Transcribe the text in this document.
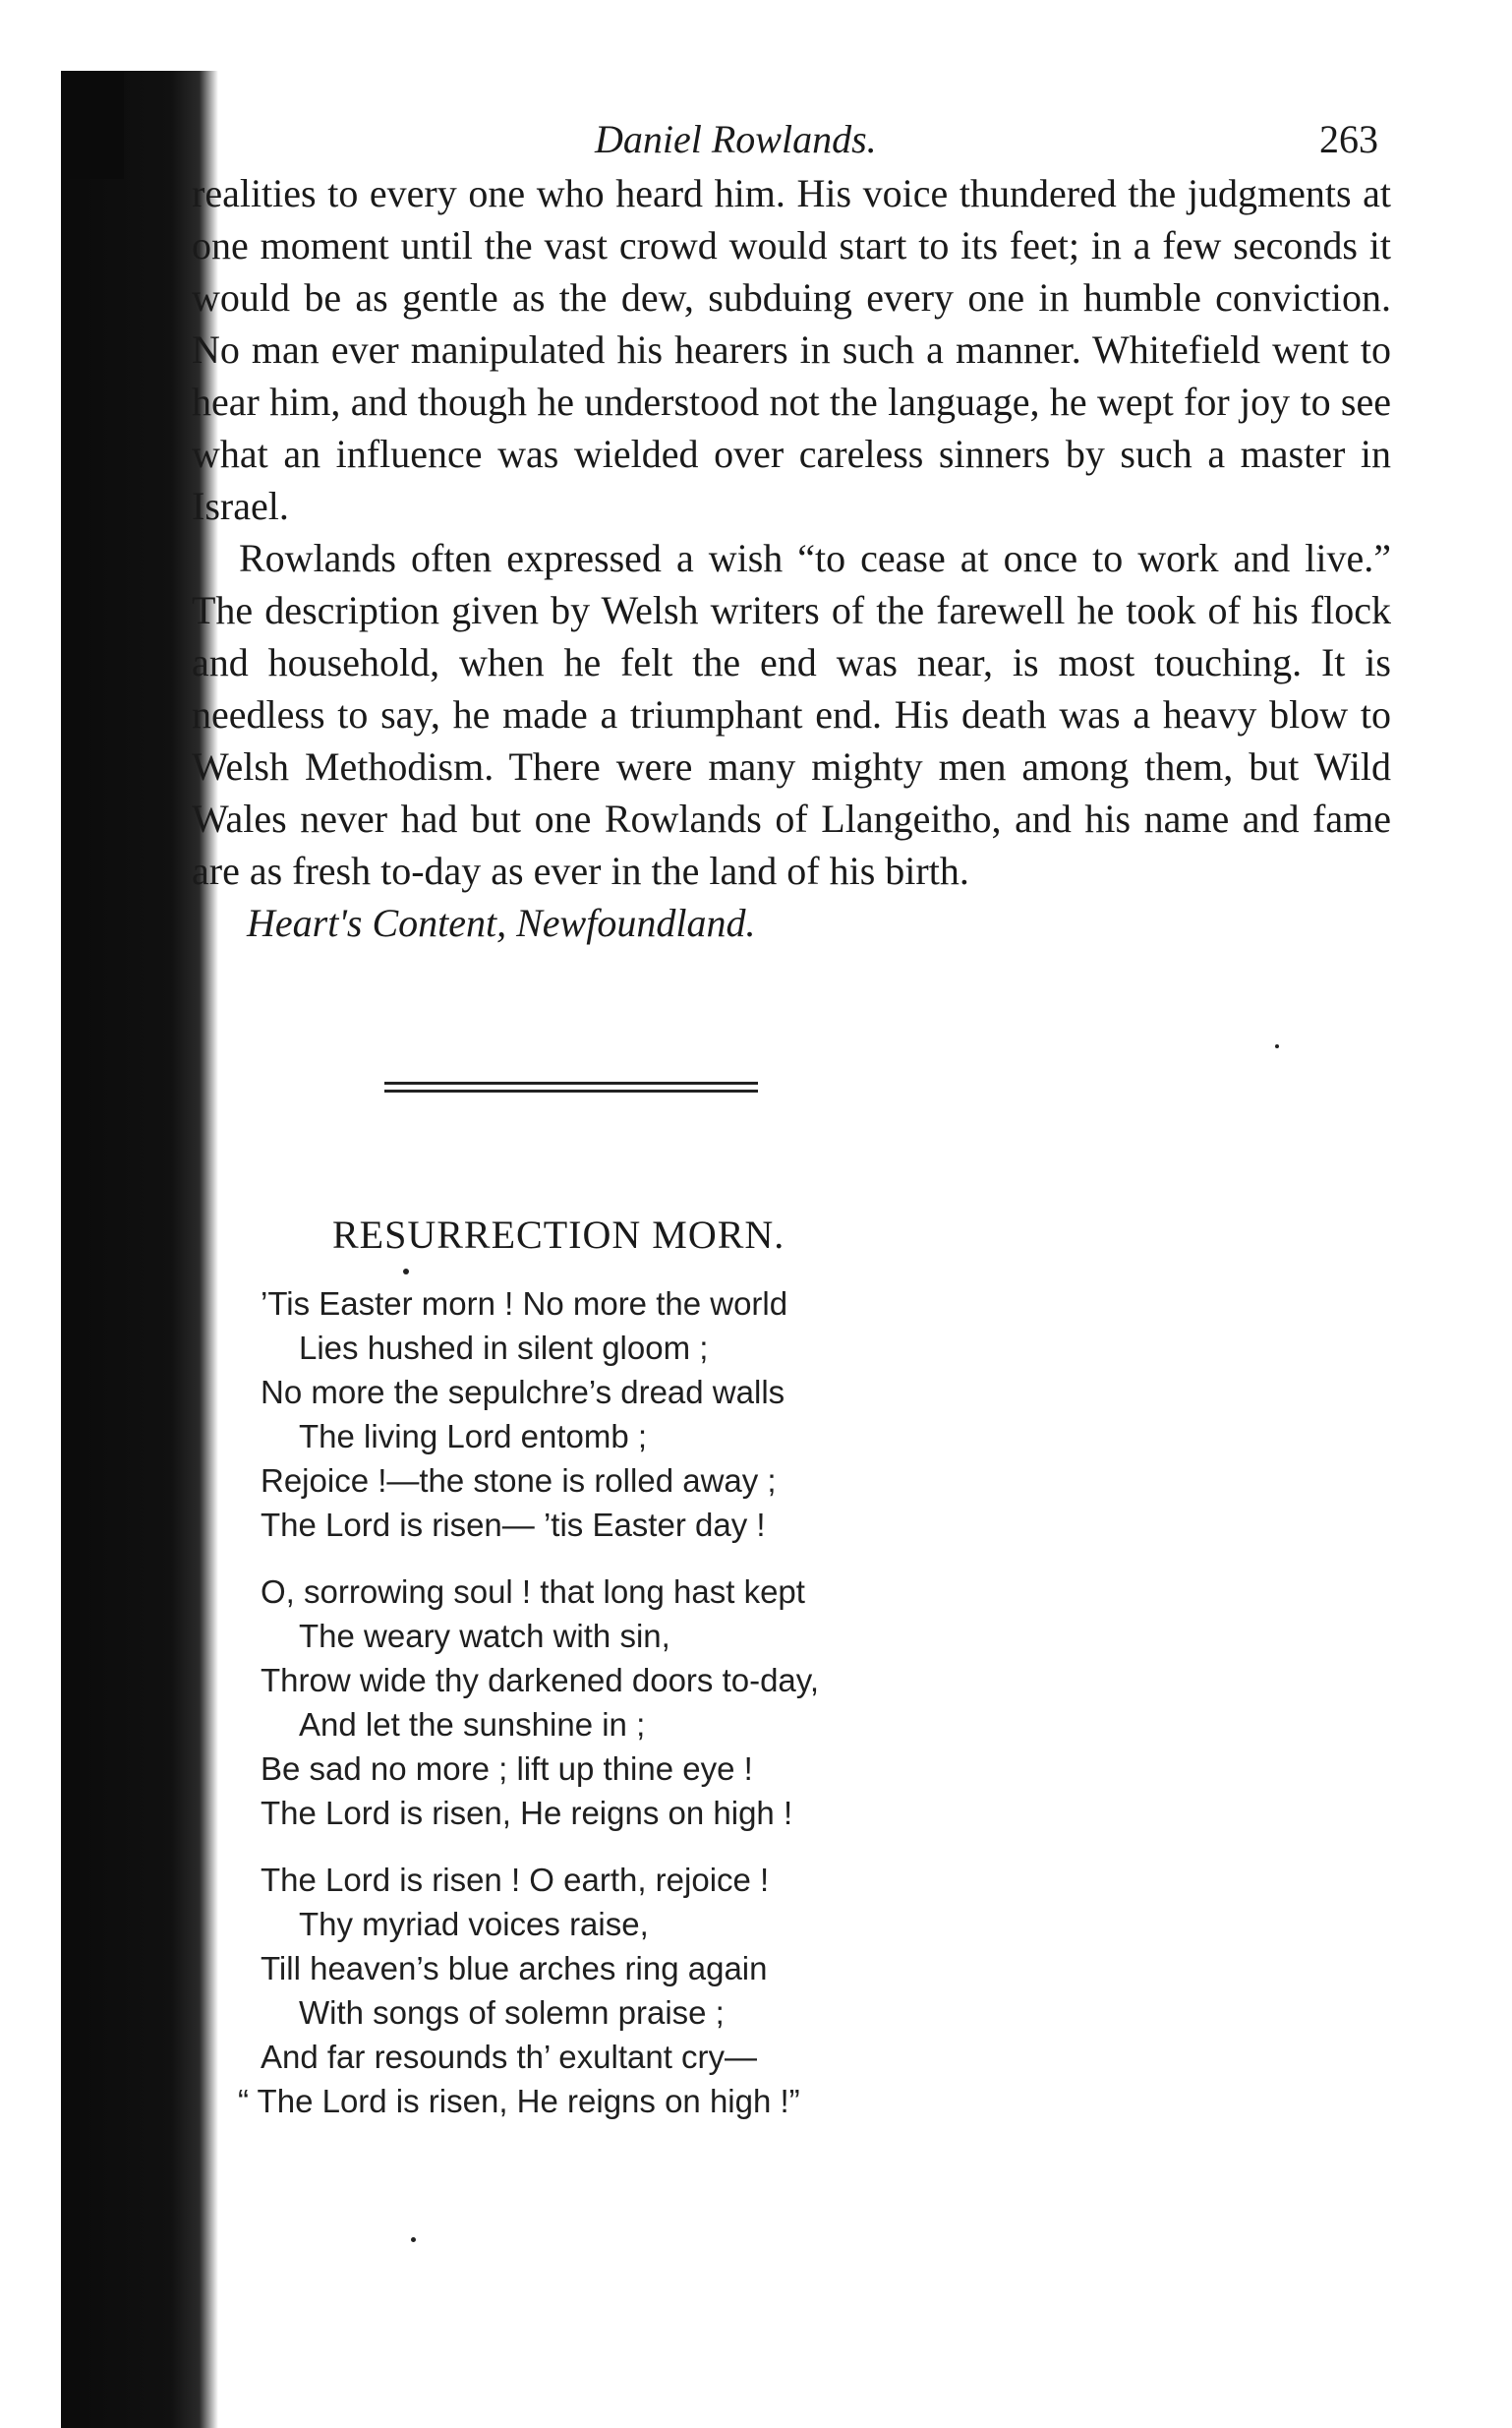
Daniel Rowlands.	263

realities to every one who heard him. His voice thundered the judgments at one moment until the vast crowd would start to its feet; in a few seconds it would be as gentle as the dew, subduing every one in humble conviction. No man ever manipulated his hearers in such a manner. Whitefield went to hear him, and though he understood not the language, he wept for joy to see what an influence was wielded over careless sinners by such a master in Israel.

Rowlands often expressed a wish “to cease at once to work and live.” The description given by Welsh writers of the farewell he took of his flock and household, when he felt the end was near, is most touching. It is needless to say, he made a triumphant end. His death was a heavy blow to Welsh Methodism. There were many mighty men among them, but Wild Wales never had but one Rowlands of Llangeitho, and his name and fame are as fresh to-day as ever in the land of his birth.

Heart's Content, Newfoundland.
RESURRECTION MORN.
’Tis Easter morn ! No more the world
Lies hushed in silent gloom ;
No more the sepulchre’s dread walls
The living Lord entomb ;
Rejoice !—the stone is rolled away ;
The Lord is risen— ’tis Easter day !
O, sorrowing soul ! that long hast kept
The weary watch with sin,
Throw wide thy darkened doors to-day,
And let the sunshine in ;
Be sad no more ; lift up thine eye !
The Lord is risen, He reigns on high !
The Lord is risen ! O earth, rejoice !
Thy myriad voices raise,
Till heaven’s blue arches ring again
With songs of solemn praise ;
And far resounds th’ exultant cry—
“ The Lord is risen, He reigns on high !”
